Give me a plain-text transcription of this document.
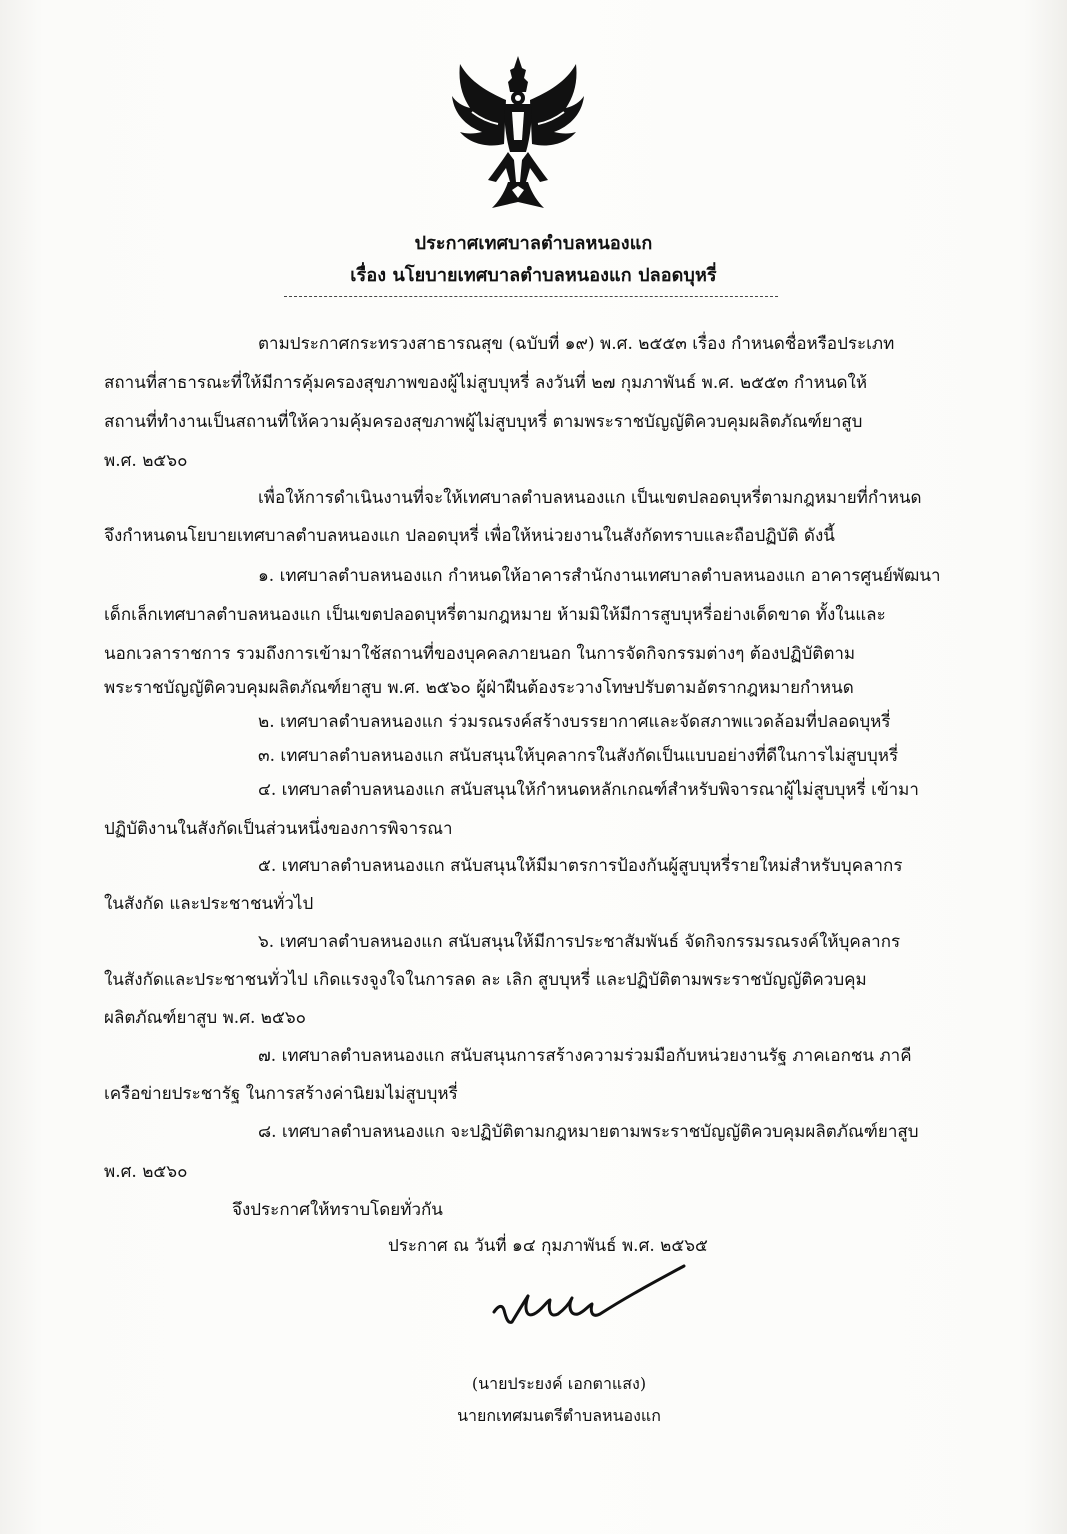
ประกาศเทศบาลตำบลหนองแก
เรื่อง นโยบายเทศบาลตำบลหนองแก ปลอดบุหรี่
ตามประกาศกระทรวงสาธารณสุข (ฉบับที่ ๑๙) พ.ศ. ๒๕๕๓ เรื่อง กำหนดชื่อหรือประเภท
สถานที่สาธารณะที่ให้มีการคุ้มครองสุขภาพของผู้ไม่สูบบุหรี่ ลงวันที่ ๒๗ กุมภาพันธ์ พ.ศ. ๒๕๕๓ กำหนดให้
สถานที่ทำงานเป็นสถานที่ให้ความคุ้มครองสุขภาพผู้ไม่สูบบุหรี่ ตามพระราชบัญญัติควบคุมผลิตภัณฑ์ยาสูบ
พ.ศ. ๒๕๖๐
เพื่อให้การดำเนินงานที่จะให้เทศบาลตำบลหนองแก เป็นเขตปลอดบุหรี่ตามกฎหมายที่กำหนด
จึงกำหนดนโยบายเทศบาลตำบลหนองแก ปลอดบุหรี่ เพื่อให้หน่วยงานในสังกัดทราบและถือปฏิบัติ ดังนี้
๑. เทศบาลตำบลหนองแก กำหนดให้อาคารสำนักงานเทศบาลตำบลหนองแก อาคารศูนย์พัฒนา
เด็กเล็กเทศบาลตำบลหนองแก เป็นเขตปลอดบุหรี่ตามกฎหมาย ห้ามมิให้มีการสูบบุหรี่อย่างเด็ดขาด ทั้งในและ
นอกเวลาราชการ รวมถึงการเข้ามาใช้สถานที่ของบุคคลภายนอก ในการจัดกิจกรรมต่างๆ ต้องปฏิบัติตาม
พระราชบัญญัติควบคุมผลิตภัณฑ์ยาสูบ พ.ศ. ๒๕๖๐ ผู้ฝ่าฝืนต้องระวางโทษปรับตามอัตรากฎหมายกำหนด
๒. เทศบาลตำบลหนองแก ร่วมรณรงค์สร้างบรรยากาศและจัดสภาพแวดล้อมที่ปลอดบุหรี่
๓. เทศบาลตำบลหนองแก สนับสนุนให้บุคลากรในสังกัดเป็นแบบอย่างที่ดีในการไม่สูบบุหรี่
๔. เทศบาลตำบลหนองแก สนับสนุนให้กำหนดหลักเกณฑ์สำหรับพิจารณาผู้ไม่สูบบุหรี่ เข้ามา
ปฏิบัติงานในสังกัดเป็นส่วนหนึ่งของการพิจารณา
๕. เทศบาลตำบลหนองแก สนับสนุนให้มีมาตรการป้องกันผู้สูบบุหรี่รายใหม่สำหรับบุคลากร
ในสังกัด และประชาชนทั่วไป
๖. เทศบาลตำบลหนองแก สนับสนุนให้มีการประชาสัมพันธ์ จัดกิจกรรมรณรงค์ให้บุคลากร
ในสังกัดและประชาชนทั่วไป เกิดแรงจูงใจในการลด ละ เลิก สูบบุหรี่ และปฏิบัติตามพระราชบัญญัติควบคุม
ผลิตภัณฑ์ยาสูบ พ.ศ. ๒๕๖๐
๗. เทศบาลตำบลหนองแก สนับสนุนการสร้างความร่วมมือกับหน่วยงานรัฐ ภาคเอกชน ภาคี
เครือข่ายประชารัฐ ในการสร้างค่านิยมไม่สูบบุหรี่
๘. เทศบาลตำบลหนองแก จะปฏิบัติตามกฎหมายตามพระราชบัญญัติควบคุมผลิตภัณฑ์ยาสูบ
พ.ศ. ๒๕๖๐
จึงประกาศให้ทราบโดยทั่วกัน
ประกาศ ณ วันที่ ๑๔ กุมภาพันธ์ พ.ศ. ๒๕๖๕
(นายประยงค์ เอกตาแสง)
นายกเทศมนตรีตำบลหนองแก
